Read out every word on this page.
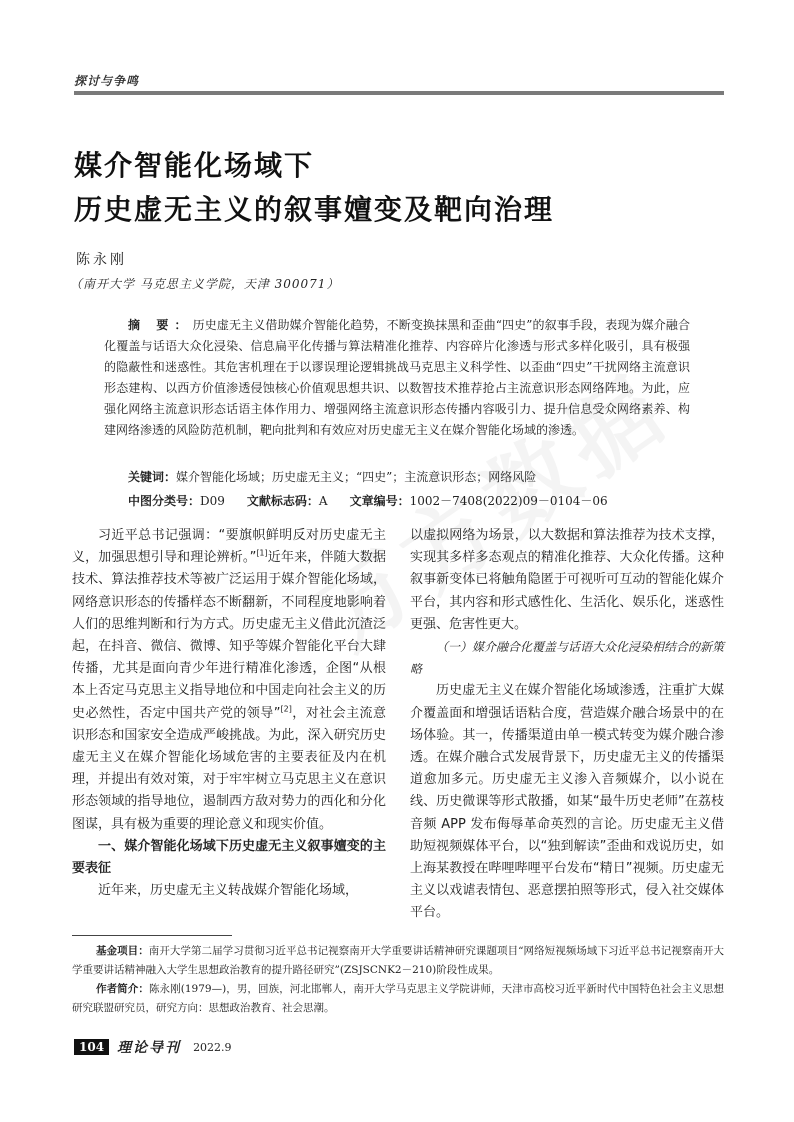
探讨与争鸣
媒介智能化场域下
历史虚无主义的叙事嬗变及靶向治理
陈永刚
（南开大学 马克思主义学院，天津 300071）
摘 要：历史虚无主义借助媒介智能化趋势，不断变换抹黑和歪曲“四史”的叙事手段，表现为媒介融合化覆盖与话语大众化浸染、信息扁平化传播与算法精准化推荐、内容碎片化渗透与形式多样化吸引，具有极强的隐蔽性和迷惑性。其危害机理在于以谬误理论逻辑挑战马克思主义科学性、以歪曲“四史”干扰网络主流意识形态建构、以西方价值渗透侵蚀核心价值观思想共识、以数智技术推荐抢占主流意识形态网络阵地。为此，应强化网络主流意识形态话语主体作用力、增强网络主流意识形态传播内容吸引力、提升信息受众网络素养、构建网络渗透的风险防范机制，靶向批判和有效应对历史虚无主义在媒介智能化场域的渗透。
关键词：媒介智能化场域；历史虚无主义；“四史”；主流意识形态；网络风险
中图分类号：D09 文献标志码：A 文章编号：1002－7408(2022)09－0104－06

习近平总书记强调：“要旗帜鲜明反对历史虚无主义，加强思想引导和理论辨析。”[1]近年来，伴随大数据技术、算法推荐技术等被广泛运用于媒介智能化场域，网络意识形态的传播样态不断翻新，不同程度地影响着人们的思维判断和行为方式。历史虚无主义借此沉渣泛起，在抖音、微信、微博、知乎等媒介智能化平台大肆传播，尤其是面向青少年进行精准化渗透，企图“从根本上否定马克思主义指导地位和中国走向社会主义的历史必然性，否定中国共产党的领导”[2]，对社会主流意识形态和国家安全造成严峻挑战。为此，深入研究历史虚无主义在媒介智能化场域危害的主要表征及内在机理，并提出有效对策，对于牢牢树立马克思主义在意识形态领域的指导地位，遏制西方敌对势力的西化和分化图谋，具有极为重要的理论意义和现实价值。

一、媒介智能化场域下历史虚无主义叙事嬗变的主要表征

近年来，历史虚无主义转战媒介智能化场域，

以虚拟网络为场景，以大数据和算法推荐为技术支撑，实现其多样多态观点的精准化推荐、大众化传播。这种叙事新变体已将触角隐匿于可视听可互动的智能化媒介平台，其内容和形式感性化、生活化、娱乐化，迷惑性更强、危害性更大。

（一）媒介融合化覆盖与话语大众化浸染相结合的新策略

历史虚无主义在媒介智能化场域渗透，注重扩大媒介覆盖面和增强话语粘合度，营造媒介融合场景中的在场体验。其一，传播渠道由单一模式转变为媒介融合渗透。在媒介融合式发展背景下，历史虚无主义的传播渠道愈加多元。历史虚无主义渗入音频媒介，以小说在线、历史微课等形式散播，如某“最牛历史老师”在荔枝音频 APP 发布侮辱革命英烈的言论。历史虚无主义借助短视频媒体平台，以“独到解读”歪曲和戏说历史，如上海某教授在哔哩哔哩平台发布“精日”视频。历史虚无主义以戏谑表情包、恶意摆拍照等形式，侵入社交媒体平台。

基金项目：南开大学第二届学习贯彻习近平总书记视察南开大学重要讲话精神研究课题项目“网络短视频场域下习近平总书记视察南开大学重要讲话精神融入大学生思想政治教育的提升路径研究”(ZSJSCNK2－210)阶段性成果。
作者简介：陈永刚(1979—)，男，回族，河北邯郸人，南开大学马克思主义学院讲师，天津市高校习近平新时代中国特色社会主义思想研究联盟研究员，研究方向：思想政治教育、社会思潮。
104 理论导刊 2022.9
